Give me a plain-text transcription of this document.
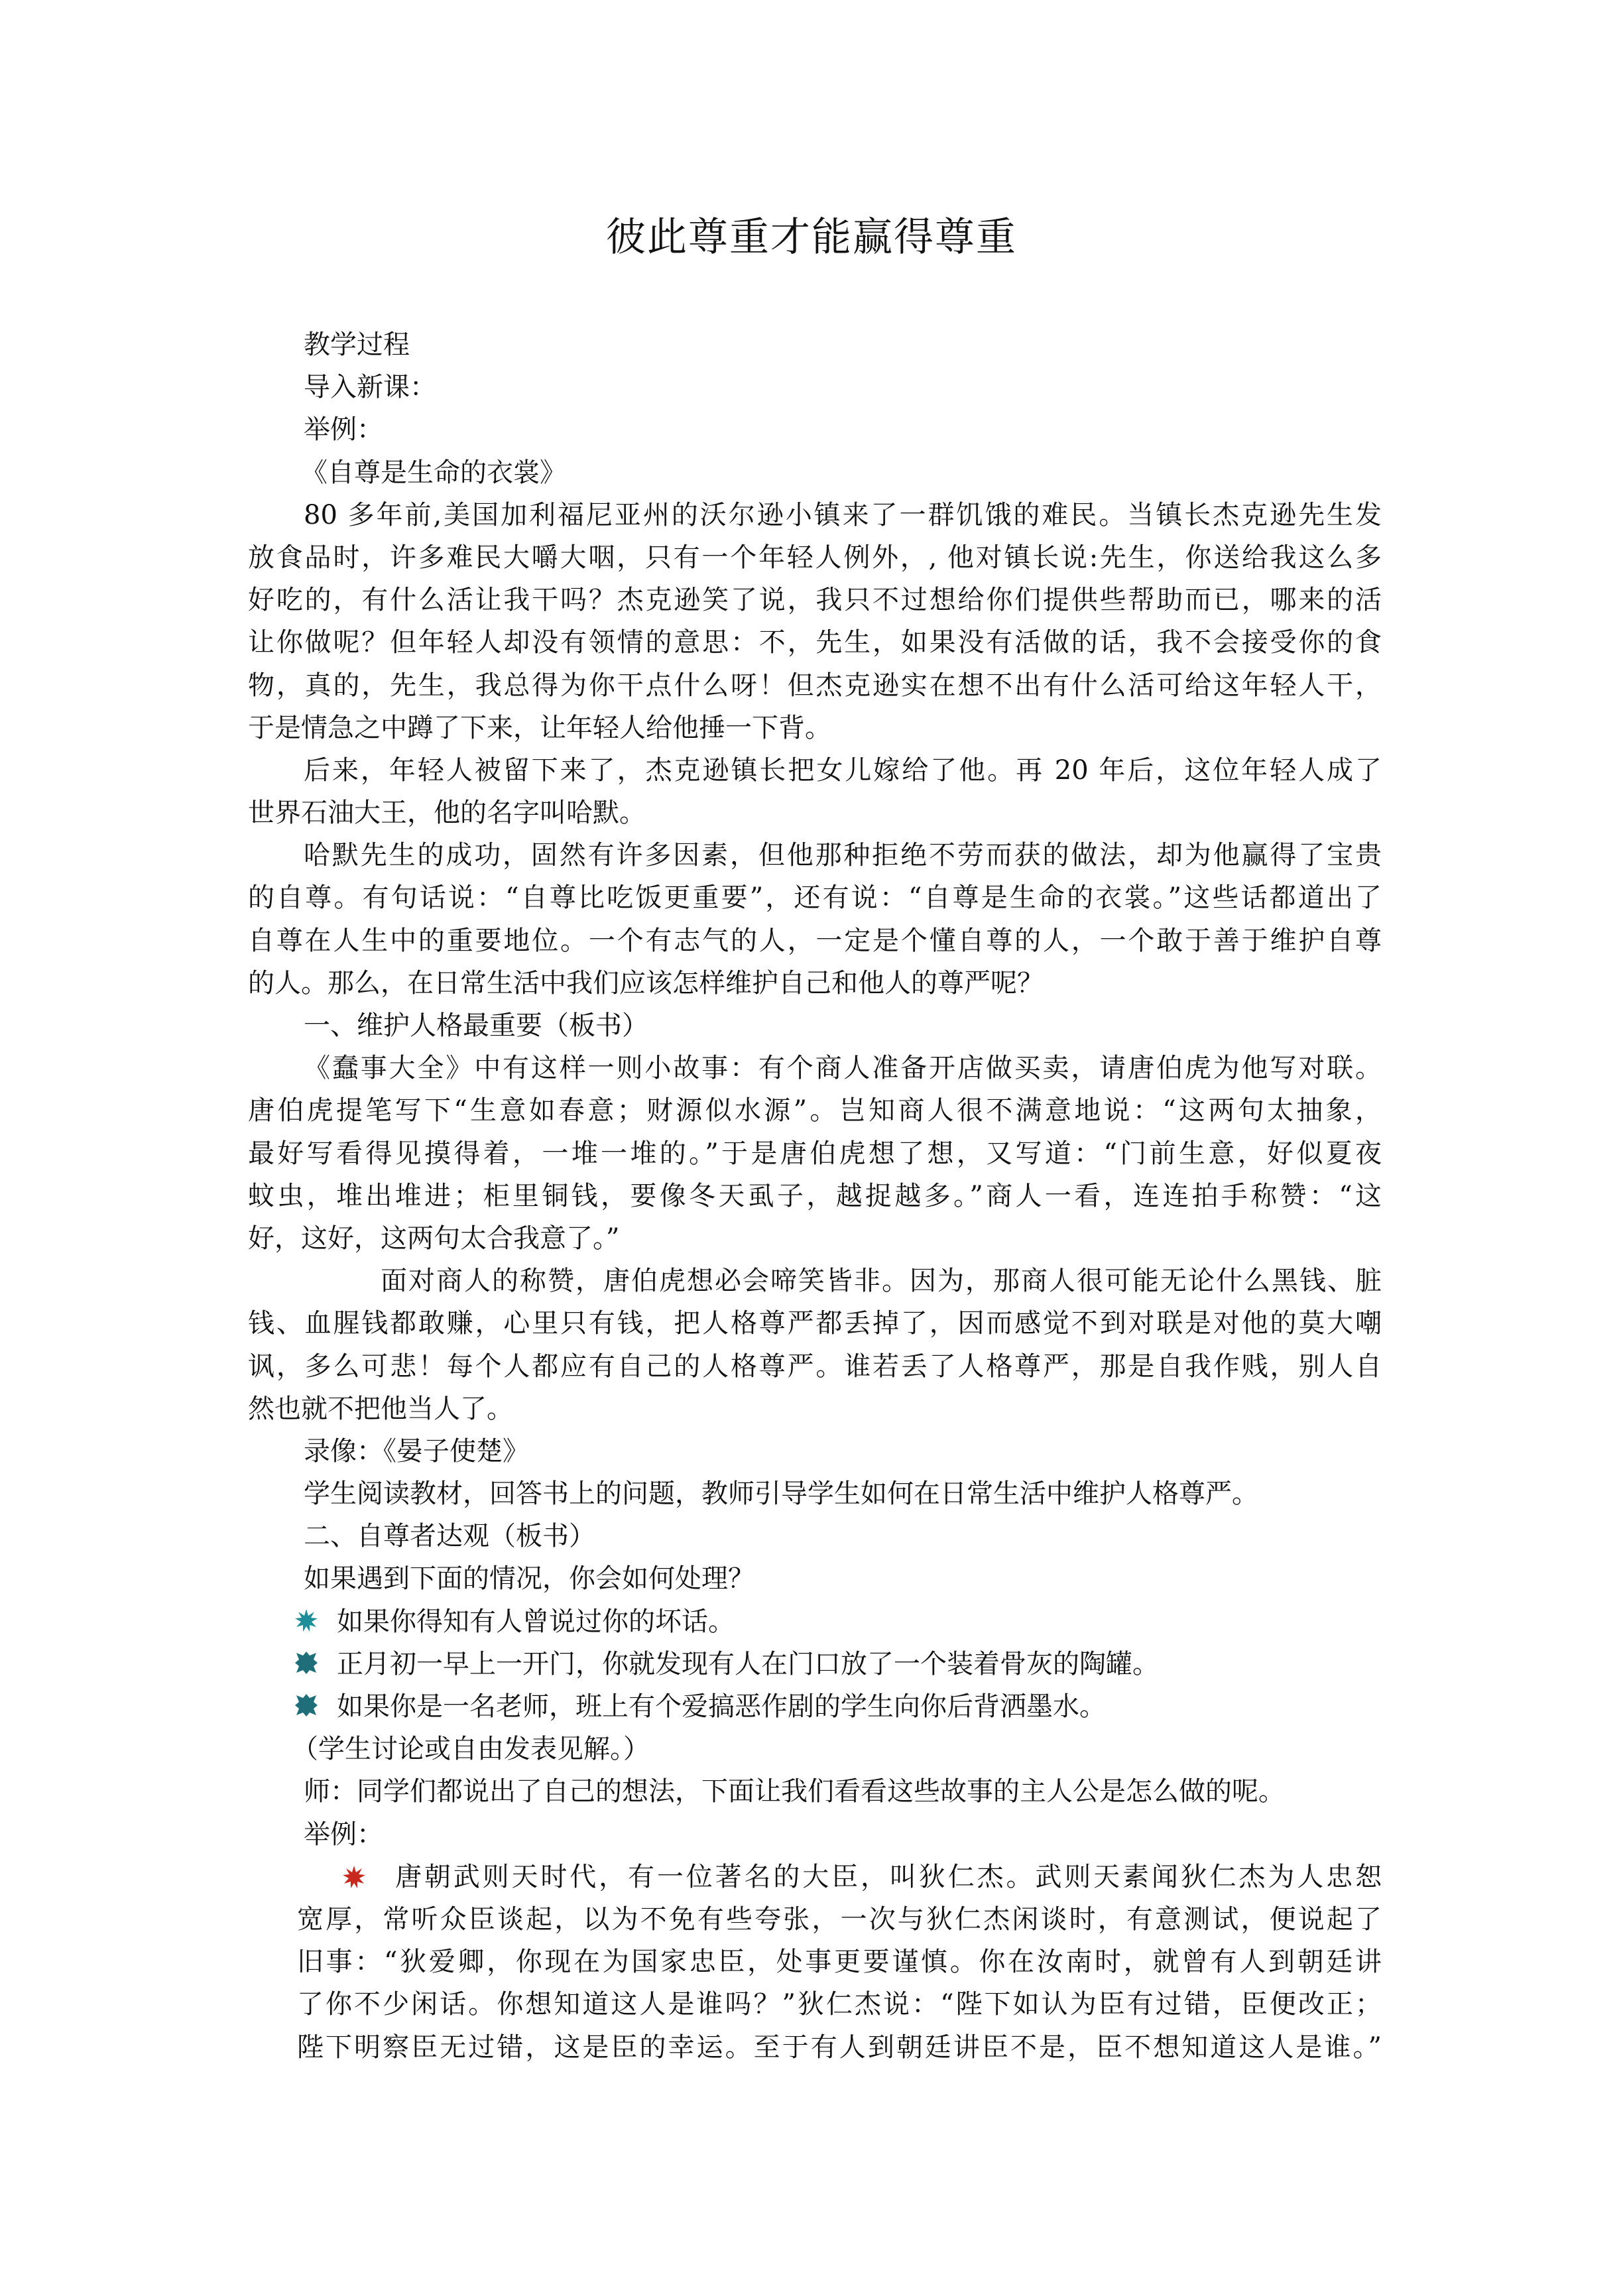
彼此尊重才能赢得尊重
教学过程
导入新课：
举例：
《自尊是生命的衣裳》
80 多年前,美国加利福尼亚州的沃尔逊小镇来了一群饥饿的难民。当镇长杰克逊先生发
放食品时，许多难民大嚼大咽，只有一个年轻人例外，, 他对镇长说:先生，你送给我这么多
好吃的，有什么活让我干吗？杰克逊笑了说，我只不过想给你们提供些帮助而已，哪来的活
让你做呢？但年轻人却没有领情的意思：不，先生，如果没有活做的话，我不会接受你的食
物，真的，先生，我总得为你干点什么呀！但杰克逊实在想不出有什么活可给这年轻人干，
于是情急之中蹲了下来，让年轻人给他捶一下背。
后来，年轻人被留下来了，杰克逊镇长把女儿嫁给了他。再 20 年后，这位年轻人成了
世界石油大王，他的名字叫哈默。
哈默先生的成功，固然有许多因素，但他那种拒绝不劳而获的做法，却为他赢得了宝贵
的自尊。有句话说：“自尊比吃饭更重要”，还有说：“自尊是生命的衣裳。”这些话都道出了
自尊在人生中的重要地位。一个有志气的人，一定是个懂自尊的人，一个敢于善于维护自尊
的人。那么，在日常生活中我们应该怎样维护自己和他人的尊严呢？
一、维护人格最重要（板书）
《蠢事大全》中有这样一则小故事：有个商人准备开店做买卖，请唐伯虎为他写对联。
唐伯虎提笔写下“生意如春意；财源似水源”。岂知商人很不满意地说：“这两句太抽象，
最好写看得见摸得着，一堆一堆的。”于是唐伯虎想了想，又写道：“门前生意，好似夏夜
蚊虫，堆出堆进；柜里铜钱，要像冬天虱子，越捉越多。”商人一看，连连拍手称赞：“这
好，这好，这两句太合我意了。”
面对商人的称赞，唐伯虎想必会啼笑皆非。因为，那商人很可能无论什么黑钱、脏
钱、血腥钱都敢赚，心里只有钱，把人格尊严都丢掉了，因而感觉不到对联是对他的莫大嘲
讽，多么可悲！每个人都应有自己的人格尊严。谁若丢了人格尊严，那是自我作贱，别人自
然也就不把他当人了。
录像：《晏子使楚》
学生阅读教材，回答书上的问题，教师引导学生如何在日常生活中维护人格尊严。
二、自尊者达观（板书）
如果遇到下面的情况，你会如何处理？
如果你得知有人曾说过你的坏话。
正月初一早上一开门，你就发现有人在门口放了一个装着骨灰的陶罐。
如果你是一名老师，班上有个爱搞恶作剧的学生向你后背洒墨水。
（学生讨论或自由发表见解。）
师：同学们都说出了自己的想法，下面让我们看看这些故事的主人公是怎么做的呢。
举例：
唐朝武则天时代，有一位著名的大臣，叫狄仁杰。武则天素闻狄仁杰为人忠恕
宽厚，常听众臣谈起，以为不免有些夸张，一次与狄仁杰闲谈时，有意测试，便说起了
旧事：“狄爱卿，你现在为国家忠臣，处事更要谨慎。你在汝南时，就曾有人到朝廷讲
了你不少闲话。你想知道这人是谁吗？”狄仁杰说：“陛下如认为臣有过错，臣便改正；
陛下明察臣无过错，这是臣的幸运。至于有人到朝廷讲臣不是，臣不想知道这人是谁。”
